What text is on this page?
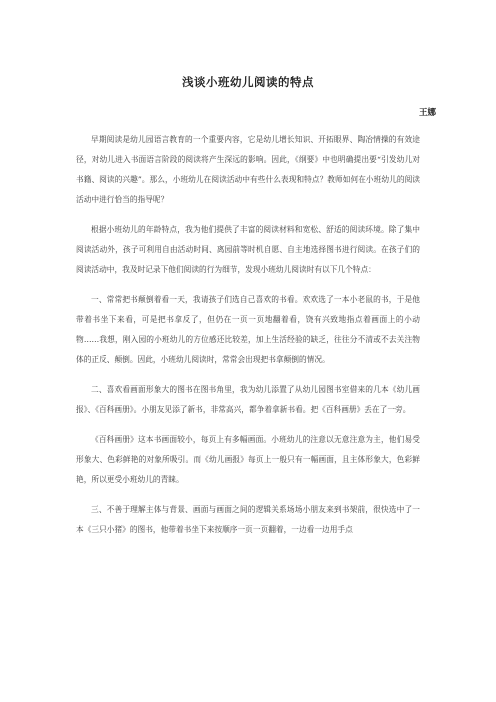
浅谈小班幼儿阅读的特点
王娜

早期阅读是幼儿园语言教育的一个重要内容，它是幼儿增长知识、开拓眼界、陶冶情操的有效途径，对幼儿进入书面语言阶段的阅读将产生深远的影响。因此，《纲要》中也明确提出要“引发幼儿对书籍、阅读的兴趣”。那么，小班幼儿在阅读活动中有些什么表现和特点？教师如何在小班幼儿的阅读活动中进行恰当的指导呢？

根据小班幼儿的年龄特点，我为他们提供了丰富的阅读材料和宽松、舒适的阅读环境。除了集中阅读活动外，孩子可利用自由活动时间、离园前等时机自愿、自主地选择图书进行阅读。在孩子们的阅读活动中，我及时记录下他们阅读的行为细节，发现小班幼儿阅读时有以下几个特点：

一、常常把书颠倒着看一天，我请孩子们选自己喜欢的书看。欢欢选了一本小老鼠的书，于是他带着书坐下来看，可是把书拿反了，但仍在一页一页地翻着看，饶有兴致地指点着画面上的小动物……我想，刚入园的小班幼儿的方位感还比较差，加上生活经验的缺乏，往往分不清或不去关注物体的正反、颠倒。因此，小班幼儿阅读时，常常会出现把书拿颠倒的情况。

二、喜欢看画面形象大的图书在图书角里，我为幼儿添置了从幼儿园图书室借来的几本《幼儿画报》、《百科画册》。小朋友见添了新书，非常高兴，都争着拿新书看。把《百科画册》丢在了一旁。

《百科画册》这本书画面较小，每页上有多幅画面。小班幼儿的注意以无意注意为主，他们易受形象大、色彩鲜艳的对象所吸引。而《幼儿画报》每页上一般只有一幅画面，且主体形象大，色彩鲜艳，所以更受小班幼儿的青睐。

三、不善于理解主体与背景、画面与画面之间的逻辑关系场场小朋友来到书架前，很快选中了一本《三只小猪》的图书，他带着书坐下来按顺序一页一页翻着，一边看一边用手点
